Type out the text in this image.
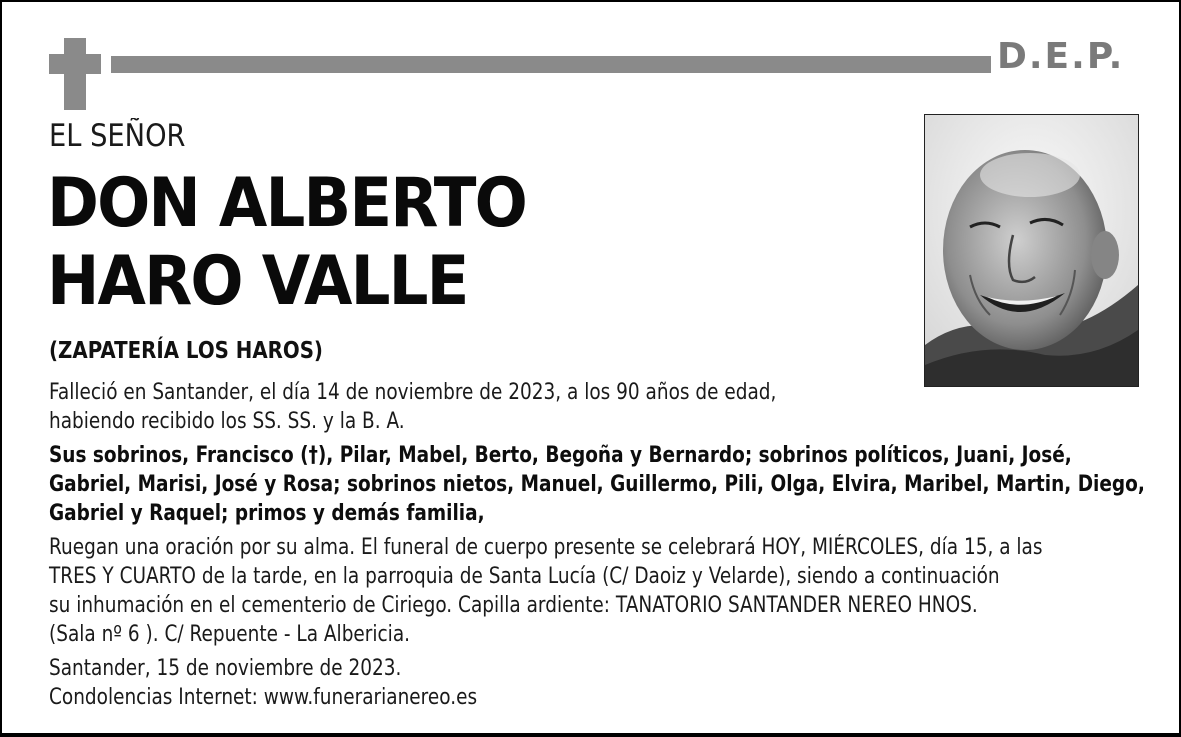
D.E.P.
EL SEÑOR
DON ALBERTO
HARO VALLE
(ZAPATERÍA LOS HAROS)
Falleció en Santander, el día 14 de noviembre de 2023, a los 90 años de edad,
habiendo recibido los SS. SS. y la B. A.
Sus sobrinos, Francisco (†), Pilar, Mabel, Berto, Begoña y Bernardo; sobrinos políticos, Juani, José,
Gabriel, Marisi, José y Rosa; sobrinos nietos, Manuel, Guillermo, Pili, Olga, Elvira, Maribel, Martin, Diego,
Gabriel y Raquel; primos y demás familia,
Ruegan una oración por su alma. El funeral de cuerpo presente se celebrará HOY, MIÉRCOLES, día 15, a las
TRES Y CUARTO de la tarde, en la parroquia de Santa Lucía (C/ Daoiz y Velarde), siendo a continuación
su inhumación en el cementerio de Ciriego. Capilla ardiente: TANATORIO SANTANDER NEREO HNOS.
(Sala nº 6 ). C/ Repuente - La Albericia.
Santander, 15 de noviembre de 2023.
Condolencias Internet: www.funerarianereo.es
